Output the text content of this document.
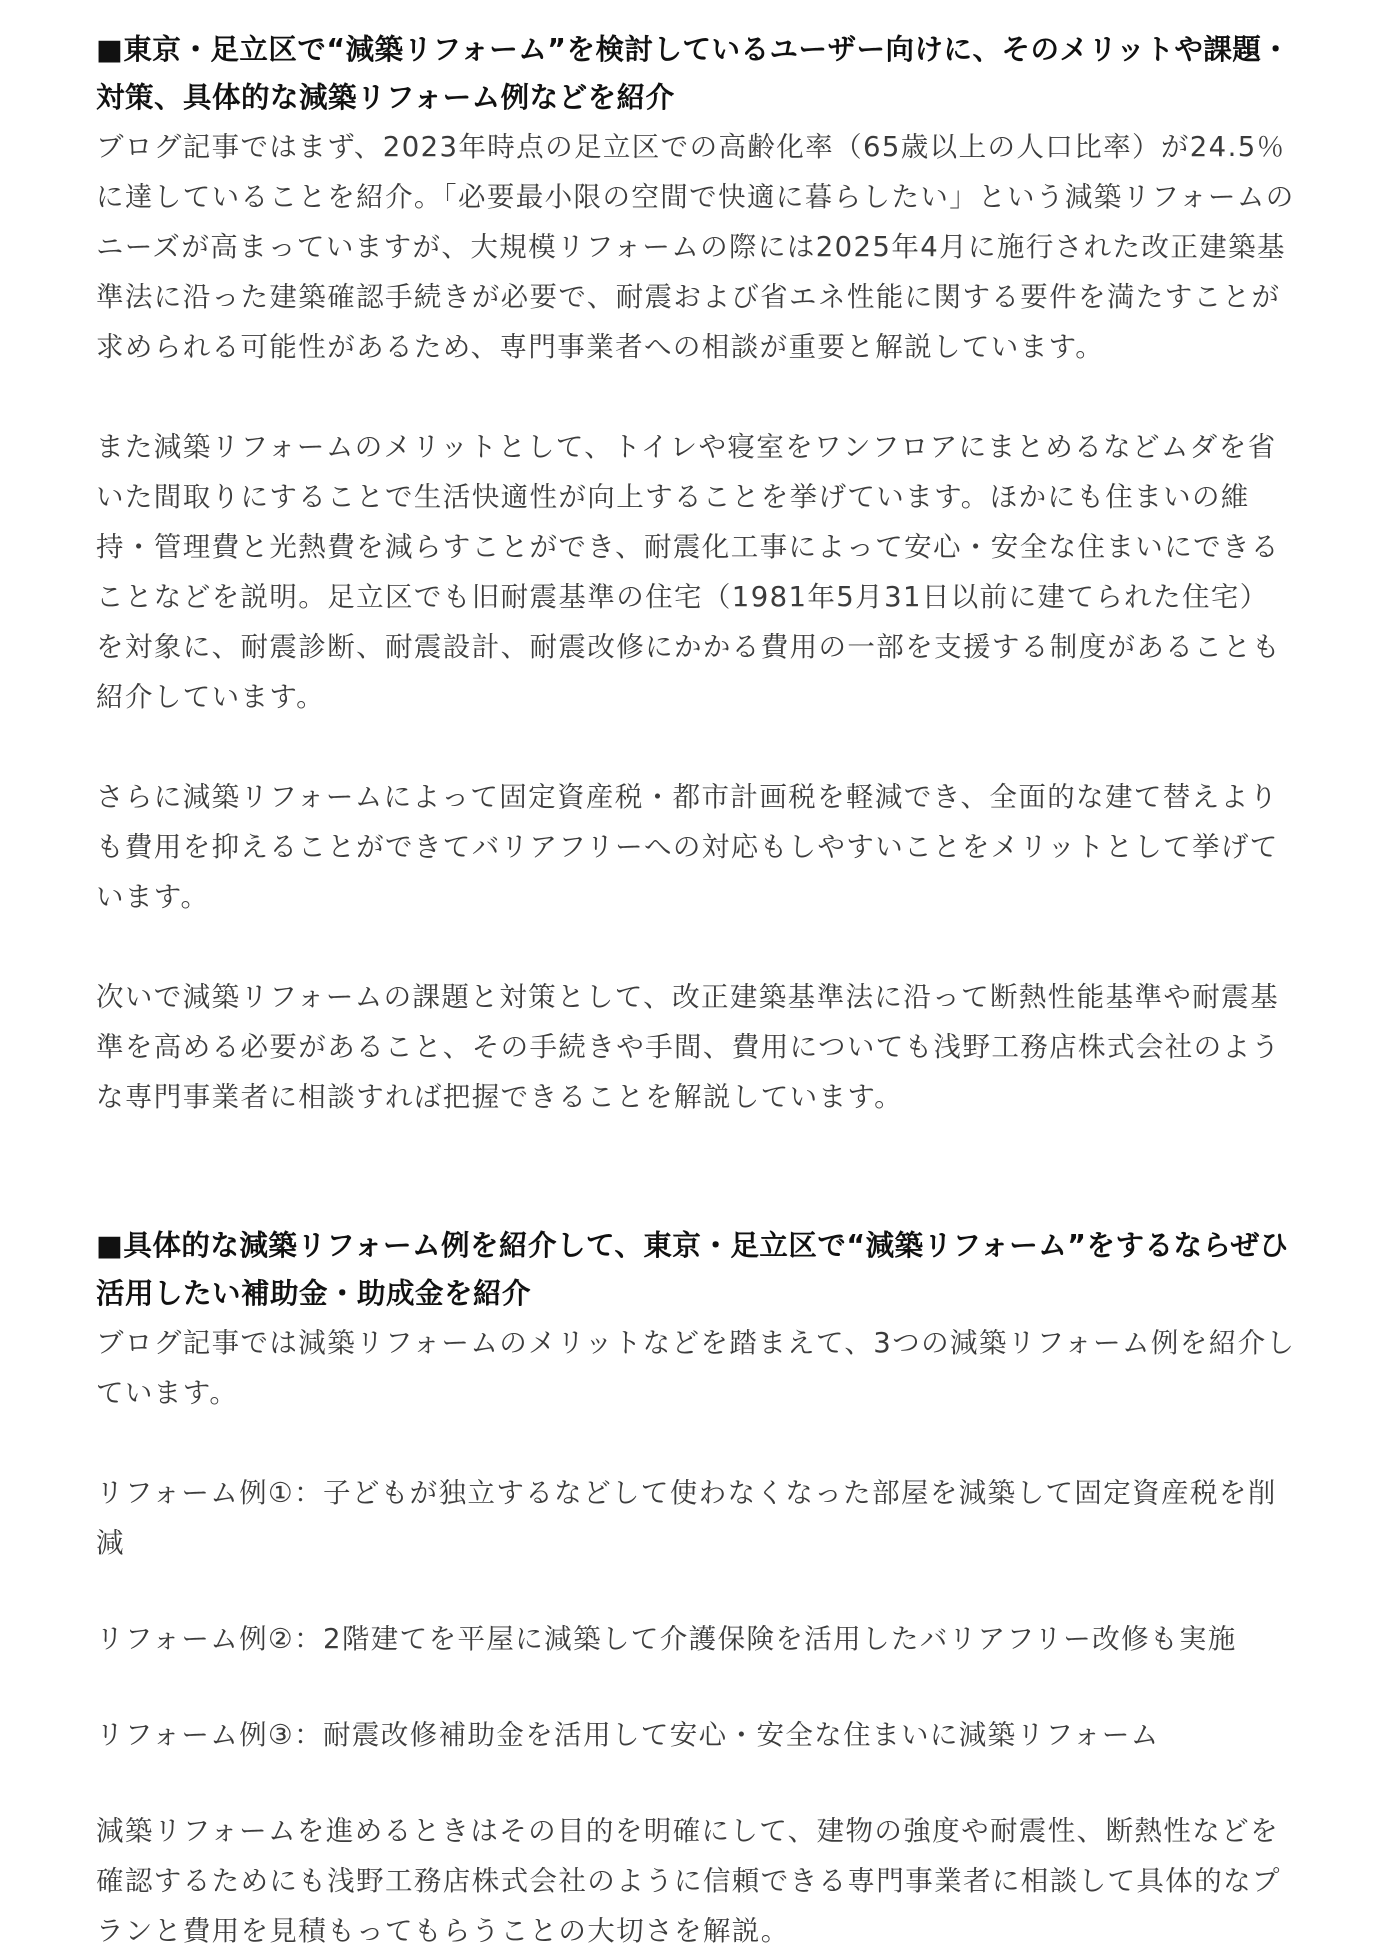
■東京・足立区で“減築リフォーム”を検討しているユーザー向けに、そのメリットや課題・対策、具体的な減築リフォーム例などを紹介

ブログ記事ではまず、2023年時点の足立区での高齢化率（65歳以上の人口比率）が24.5％に達していることを紹介。「必要最小限の空間で快適に暮らしたい」という減築リフォームのニーズが高まっていますが、大規模リフォームの際には2025年4月に施行された改正建築基準法に沿った建築確認手続きが必要で、耐震および省エネ性能に関する要件を満たすことが求められる可能性があるため、専門事業者への相談が重要と解説しています。

また減築リフォームのメリットとして、トイレや寝室をワンフロアにまとめるなどムダを省いた間取りにすることで生活快適性が向上することを挙げています。ほかにも住まいの維持・管理費と光熱費を減らすことができ、耐震化工事によって安心・安全な住まいにできることなどを説明。足立区でも旧耐震基準の住宅（1981年5月31日以前に建てられた住宅）を対象に、耐震診断、耐震設計、耐震改修にかかる費用の一部を支援する制度があることも紹介しています。

さらに減築リフォームによって固定資産税・都市計画税を軽減でき、全面的な建て替えよりも費用を抑えることができてバリアフリーへの対応もしやすいことをメリットとして挙げています。

次いで減築リフォームの課題と対策として、改正建築基準法に沿って断熱性能基準や耐震基準を高める必要があること、その手続きや手間、費用についても浅野工務店株式会社のような専門事業者に相談すれば把握できることを解説しています。

■具体的な減築リフォーム例を紹介して、東京・足立区で“減築リフォーム”をするならぜひ活用したい補助金・助成金を紹介

ブログ記事では減築リフォームのメリットなどを踏まえて、3つの減築リフォーム例を紹介しています。

リフォーム例①：子どもが独立するなどして使わなくなった部屋を減築して固定資産税を削減

リフォーム例②：2階建てを平屋に減築して介護保険を活用したバリアフリー改修も実施

リフォーム例③：耐震改修補助金を活用して安心・安全な住まいに減築リフォーム

減築リフォームを進めるときはその目的を明確にして、建物の強度や耐震性、断熱性などを確認するためにも浅野工務店株式会社のように信頼できる専門事業者に相談して具体的なプランと費用を見積もってもらうことの大切さを解説。
